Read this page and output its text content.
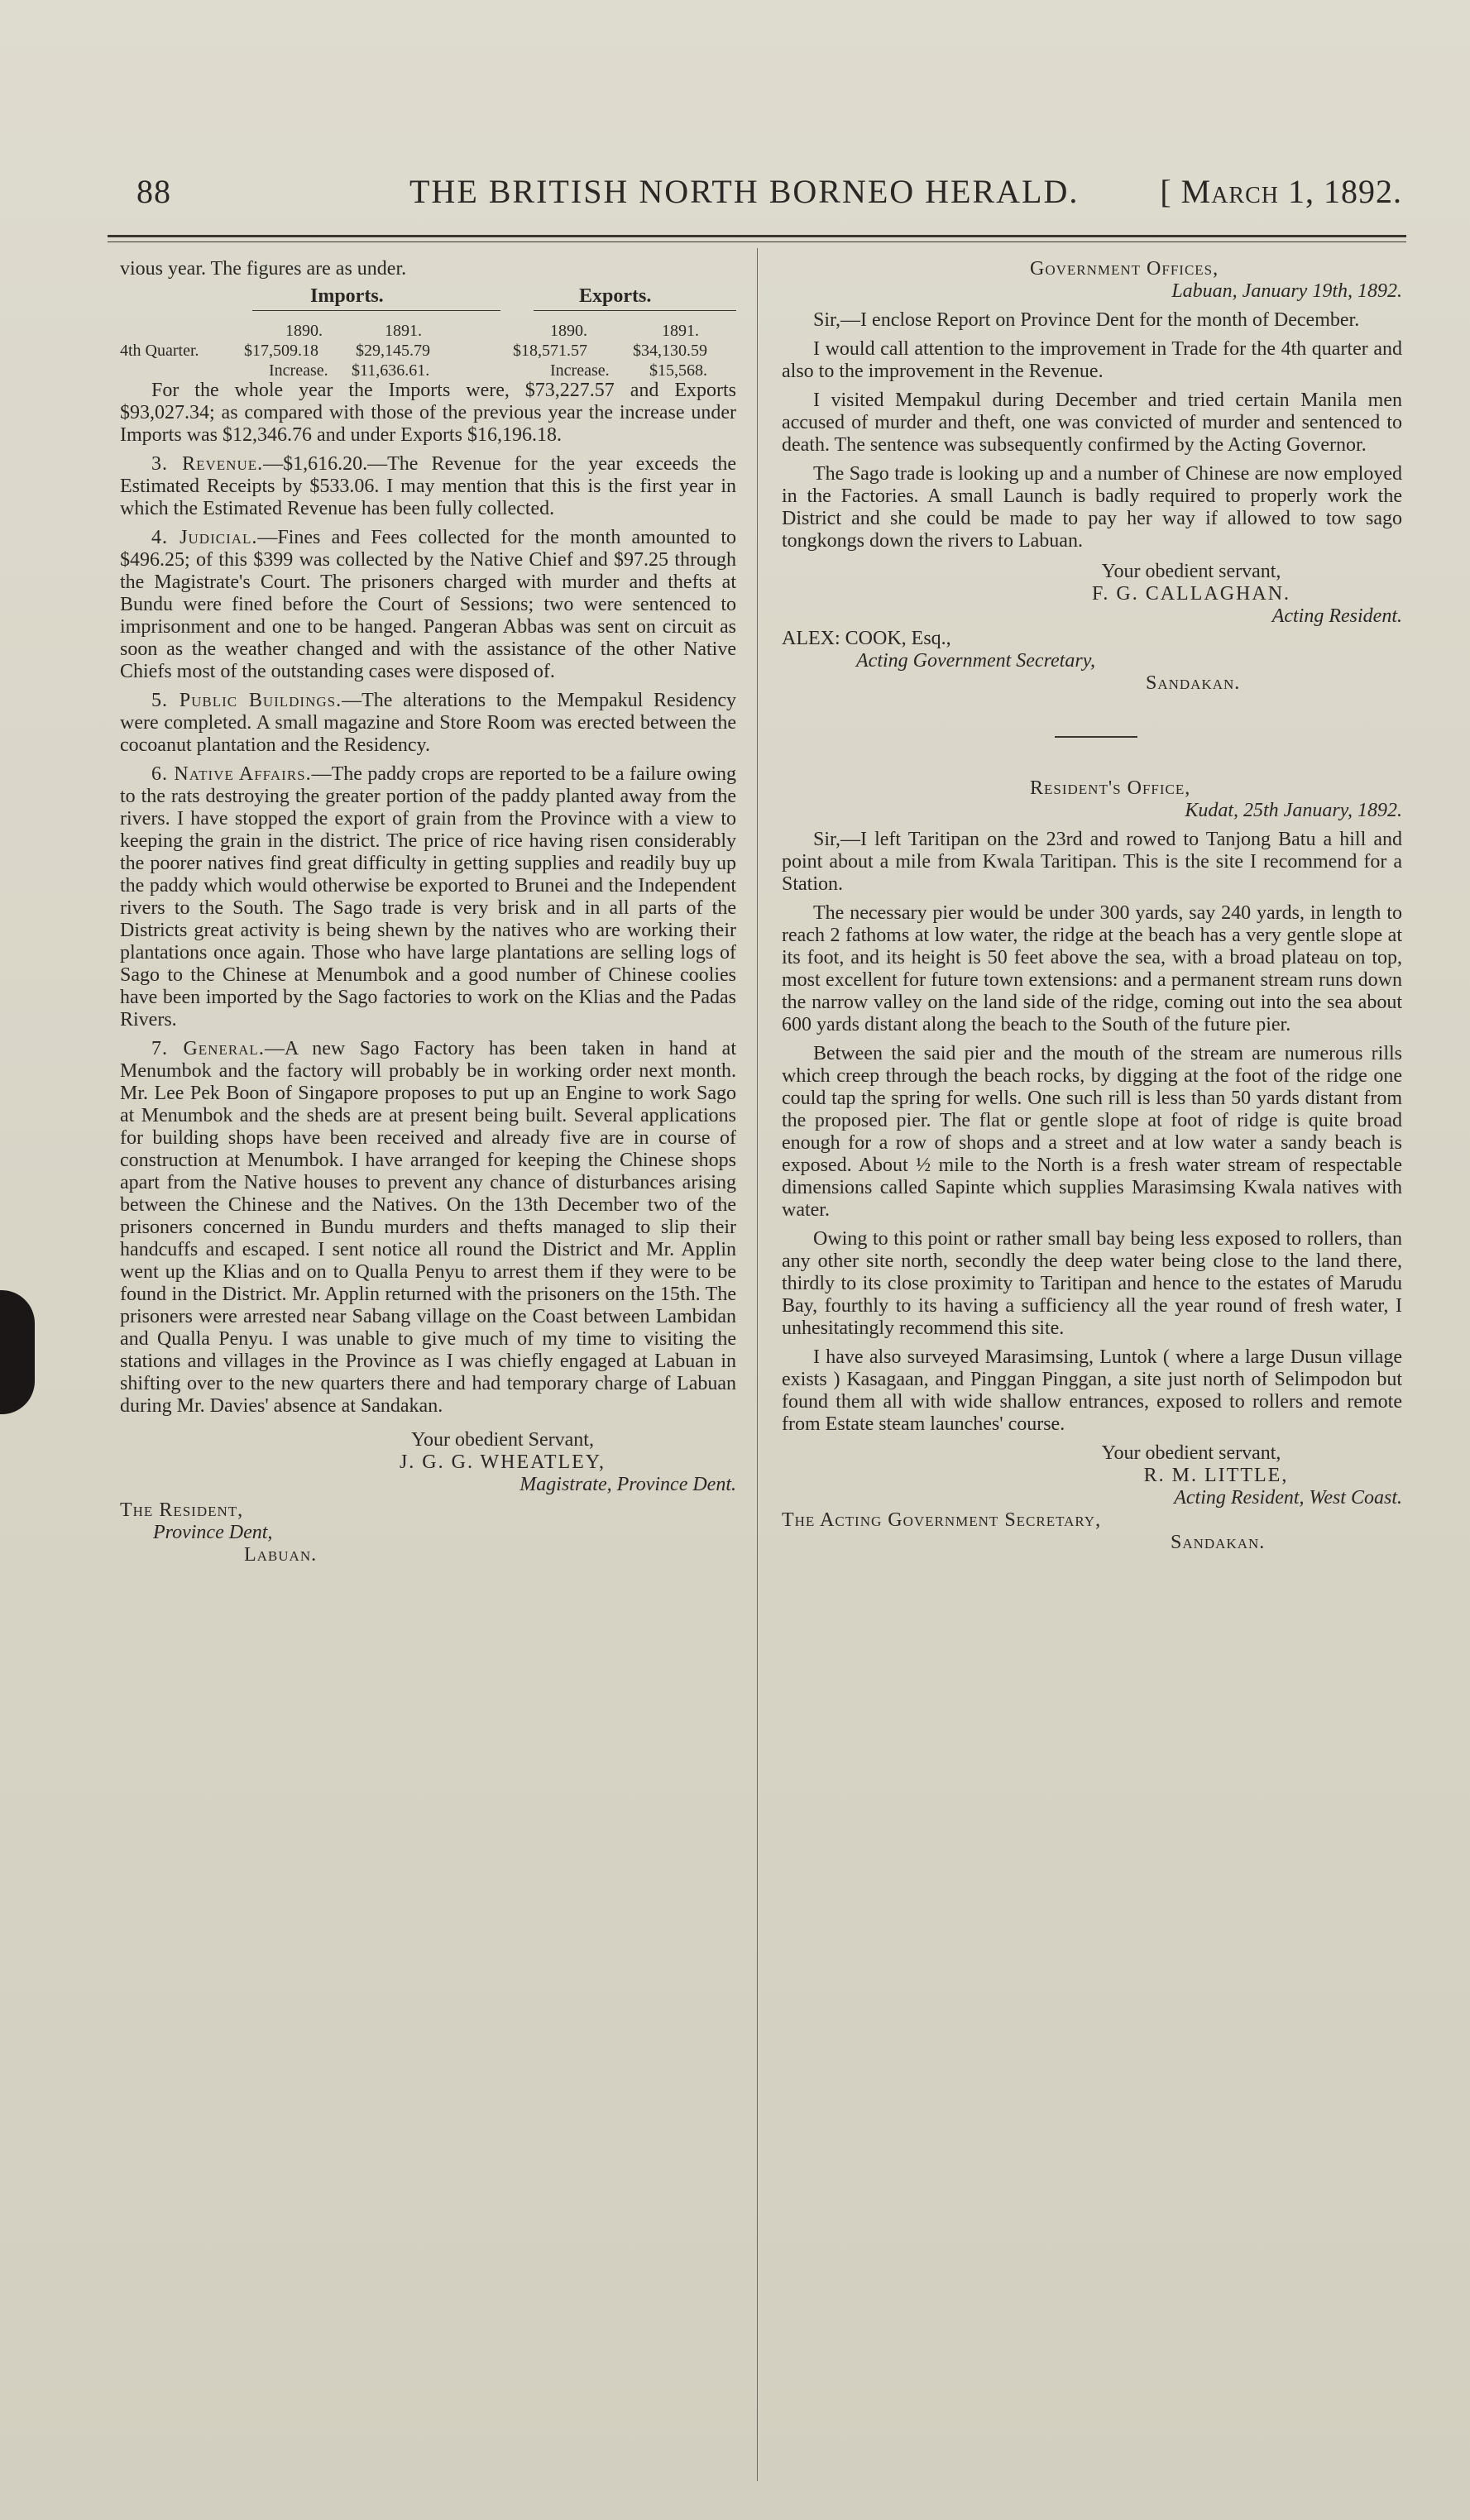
88	THE BRITISH NORTH BORNEO HERALD. [ March 1, 1892.

vious year. The figures are as under.

Imports.	Exports.
1890.	1891.	1890.	1891.
4th Quarter.	$17,509.18 $29,145.79	$18,571.57	$34,130.59
Increase. $11,636.61.	Increase. $15,568.

For the whole year the Imports were, $73,227.57 and Exports $93,027.34; as compared with those of the previous year the increase under Imports was $12,346.76 and under Exports $16,196.18.

3. Revenue.—$1,616.20.—The Revenue for the year exceeds the Estimated Receipts by $533.06. I may mention that this is the first year in which the Estimated Revenue has been fully collected.

4. Judicial.—Fines and Fees collected for the month amounted to $496.25; of this $399 was collected by the Native Chief and $97.25 through the Magistrate's Court. The prisoners charged with murder and thefts at Bundu were fined before the Court of Sessions; two were sentenced to imprisonment and one to be hanged. Pangeran Abbas was sent on circuit as soon as the weather changed and with the assistance of the other Native Chiefs most of the outstanding cases were disposed of.

5. Public Buildings.—The alterations to the Mempakul Residency were completed. A small magazine and Store Room was erected between the cocoanut plantation and the Residency.

6. Native Affairs.—The paddy crops are reported to be a failure owing to the rats destroying the greater portion of the paddy planted away from the rivers. I have stopped the export of grain from the Province with a view to keeping the grain in the district. The price of rice having risen considerably the poorer natives find great difficulty in getting supplies and readily buy up the paddy which would otherwise be exported to Brunei and the Independent rivers to the South. The Sago trade is very brisk and in all parts of the Districts great activity is being shewn by the natives who are working their plantations once again. Those who have large plantations are selling logs of Sago to the Chinese at Menumbok and a good number of Chinese coolies have been imported by the Sago factories to work on the Klias and the Padas Rivers.

7. General.—A new Sago Factory has been taken in hand at Menumbok and the factory will probably be in working order next month. Mr. Lee Pek Boon of Singapore proposes to put up an Engine to work Sago at Menumbok and the sheds are at present being built. Several applications for building shops have been received and already five are in course of construction at Menumbok. I have arranged for keeping the Chinese shops apart from the Native houses to prevent any chance of disturbances arising between the Chinese and the Natives. On the 13th December two of the prisoners concerned in Bundu murders and thefts managed to slip their handcuffs and escaped. I sent notice all round the District and Mr. Applin went up the Klias and on to Qualla Penyu to arrest them if they were to be found in the District. Mr. Applin returned with the prisoners on the 15th. The prisoners were arrested near Sabang village on the Coast between Lambidan and Qualla Penyu. I was unable to give much of my time to visiting the stations and villages in the Province as I was chiefly engaged at Labuan in shifting over to the new quarters there and had temporary charge of Labuan during Mr. Davies' absence at Sandakan.

Your obedient Servant,

J. G. G. WHEATLEY,

Magistrate, Province Dent.

The Resident,

Province Dent,

Labuan.

Government Offices,

Labuan, January 19th, 1892.

Sir,—I enclose Report on Province Dent for the month of December.

I would call attention to the improvement in Trade for the 4th quarter and also to the improvement in the Revenue.

I visited Mempakul during December and tried certain Manila men accused of murder and theft, one was convicted of murder and sentenced to death. The sentence was subsequently confirmed by the Acting Governor.

The Sago trade is looking up and a number of Chinese are now employed in the Factories. A small Launch is badly required to properly work the District and she could be made to pay her way if allowed to tow sago tongkongs down the rivers to Labuan.

Your obedient servant,

F. G. CALLAGHAN.

Acting Resident.

ALEX: COOK, Esq.,

Acting Government Secretary,

Sandakan.

Resident's Office,

Kudat, 25th January, 1892.

Sir,—I left Taritipan on the 23rd and rowed to Tanjong Batu a hill and point about a mile from Kwala Taritipan. This is the site I recommend for a Station.

The necessary pier would be under 300 yards, say 240 yards, in length to reach 2 fathoms at low water, the ridge at the beach has a very gentle slope at its foot, and its height is 50 feet above the sea, with a broad plateau on top, most excellent for future town extensions: and a permanent stream runs down the narrow valley on the land side of the ridge, coming out into the sea about 600 yards distant along the beach to the South of the future pier.

Between the said pier and the mouth of the stream are numerous rills which creep through the beach rocks, by digging at the foot of the ridge one could tap the spring for wells. One such rill is less than 50 yards distant from the proposed pier. The flat or gentle slope at foot of ridge is quite broad enough for a row of shops and a street and at low water a sandy beach is exposed. About ½ mile to the North is a fresh water stream of respectable dimensions called Sapinte which supplies Marasimsing Kwala natives with water.

Owing to this point or rather small bay being less exposed to rollers, than any other site north, secondly the deep water being close to the land there, thirdly to its close proximity to Taritipan and hence to the estates of Marudu Bay, fourthly to its having a sufficiency all the year round of fresh water, I unhesitatingly recommend this site.

I have also surveyed Marasimsing, Luntok ( where a large Dusun village exists ) Kasagaan, and Pinggan Pinggan, a site just north of Selimpodon but found them all with wide shallow entrances, exposed to rollers and remote from Estate steam launches' course.

Your obedient servant,

R. M. LITTLE,

Acting Resident, West Coast.

The Acting Government Secretary,

Sandakan.
